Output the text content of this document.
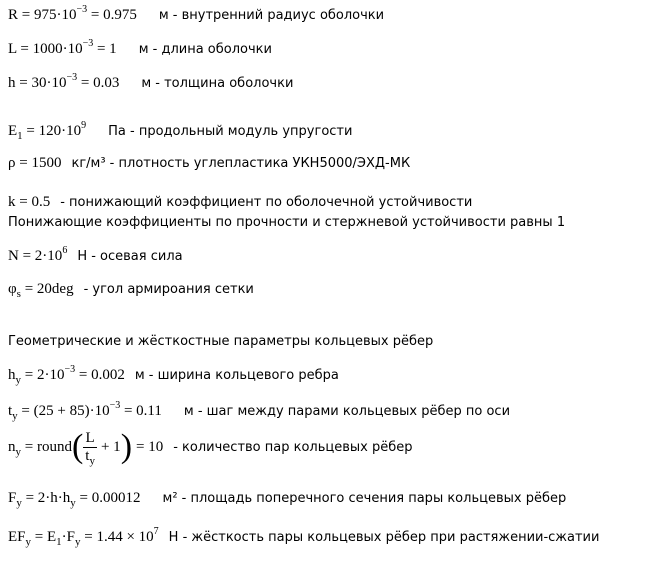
$R = 975\cdot 10^{-3} = 0.975$ м - внутренний радиус оболочки
$L = 1000\cdot 10^{-3} = 1$ м - длина оболочки
$h = 30\cdot 10^{-3} = 0.03$ м - толщина оболочки
$E_1 = 120\cdot 10^9$ Па - продольный модуль упругости
ρ = 1500 кг/м³ - плотность углепластика УКН5000/ЭХД-МК
k = 0.5 - понижающий коэффициент по оболочечной устойчивости
Понижающие коэффициенты по прочности и стержневой устойчивости равны 1
$N = 2\cdot 10^6$ Н - осевая сила
$\varphi_s = 20deg$ - угол армироания сетки
Геометрические и жёсткостные параметры кольцевых рёбер
$h_y = 2\cdot 10^{-3} = 0.002$ м - ширина кольцевого ребра
$t_y = (25 + 85)\cdot 10^{-3} = 0.11$ м - шаг между парами кольцевых рёбер по оси
$n_y$ = round ( $\frac{L}{t_y} + 1$ ) = 10 - количество пар кольцевых рёбер
$F_y = 2\cdot h\cdot h_y = 0.00012$ м² - площадь поперечного сечения пары кольцевых рёбер
$EF_y = E_1\cdot F_y = 1.44 \times 10^7$ Н - жёсткость пары кольцевых рёбер при растяжении-сжатии
